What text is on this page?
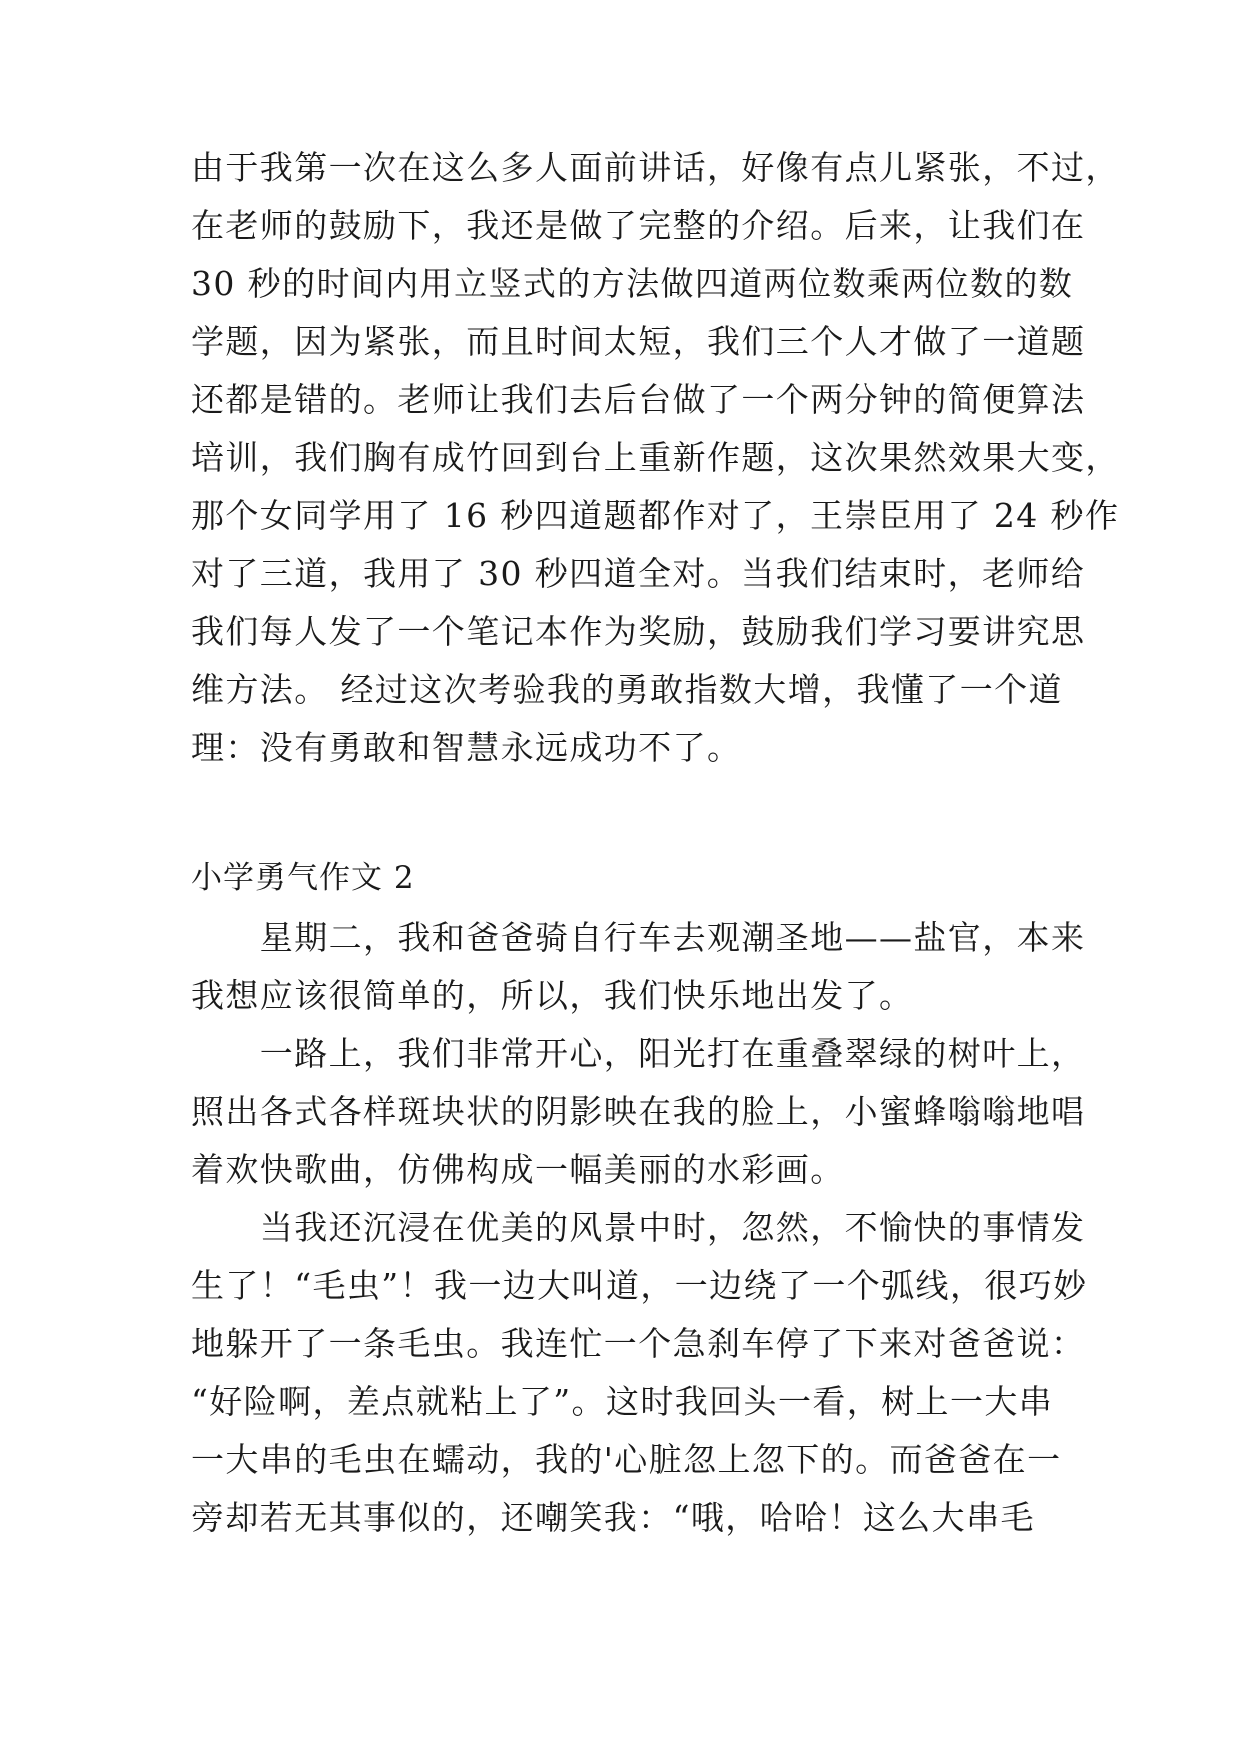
由于我第一次在这么多人面前讲话，好像有点儿紧张，不过，
在老师的鼓励下，我还是做了完整的介绍。后来，让我们在
30 秒的时间内用立竖式的方法做四道两位数乘两位数的数
学题，因为紧张，而且时间太短，我们三个人才做了一道题
还都是错的。老师让我们去后台做了一个两分钟的简便算法
培训，我们胸有成竹回到台上重新作题，这次果然效果大变，
那个女同学用了 16 秒四道题都作对了，王崇臣用了 24 秒作
对了三道，我用了 30 秒四道全对。当我们结束时，老师给
我们每人发了一个笔记本作为奖励，鼓励我们学习要讲究思
维方法。 经过这次考验我的勇敢指数大增，我懂了一个道
理：没有勇敢和智慧永远成功不了。
小学勇气作文 2
　　星期二，我和爸爸骑自行车去观潮圣地——盐官，本来
我想应该很简单的，所以，我们快乐地出发了。
　　一路上，我们非常开心，阳光打在重叠翠绿的树叶上，
照出各式各样斑块状的阴影映在我的脸上，小蜜蜂嗡嗡地唱
着欢快歌曲，仿佛构成一幅美丽的水彩画。
　　当我还沉浸在优美的风景中时，忽然，不愉快的事情发
生了！“毛虫”！我一边大叫道，一边绕了一个弧线，很巧妙
地躲开了一条毛虫。我连忙一个急刹车停了下来对爸爸说：
“好险啊，差点就粘上了”。这时我回头一看，树上一大串
一大串的毛虫在蠕动，我的'心脏忽上忽下的。而爸爸在一
旁却若无其事似的，还嘲笑我：“哦，哈哈！这么大串毛
